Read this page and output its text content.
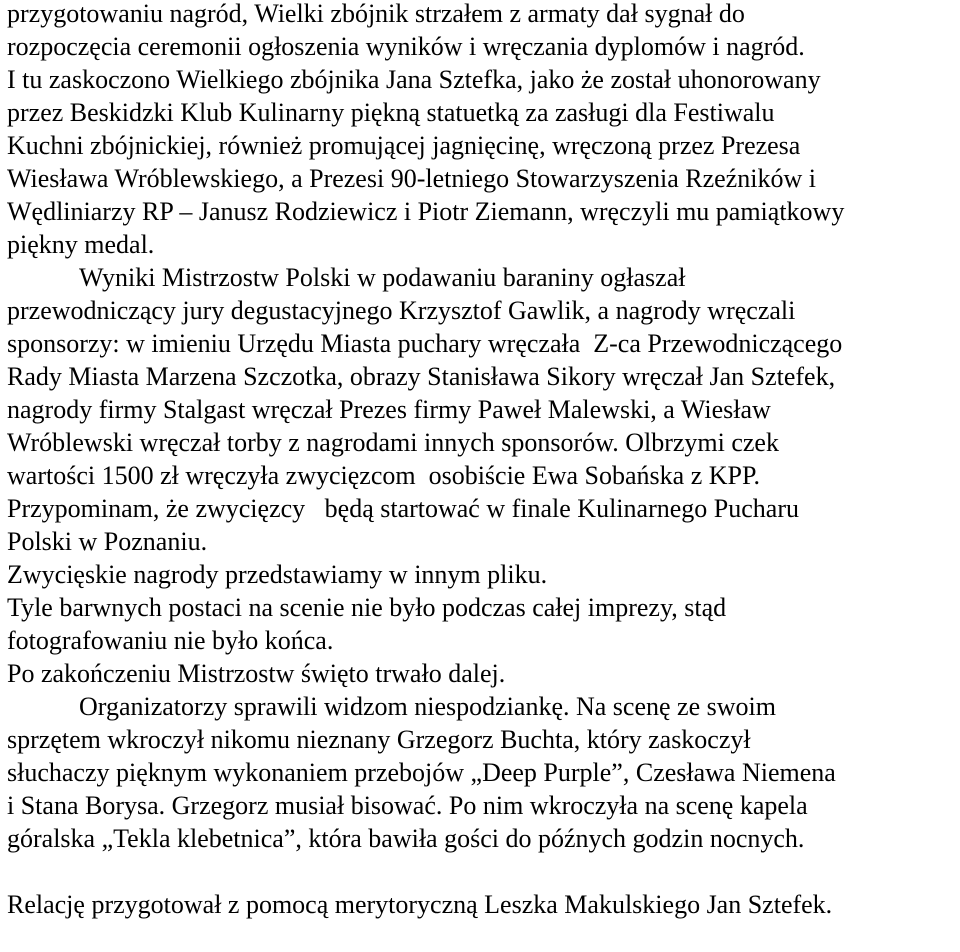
przygotowaniu nagród, Wielki zbójnik strzałem z armaty dał sygnał do
rozpoczęcia ceremonii ogłoszenia wyników i wręczania dyplomów i nagród.
I tu zaskoczono Wielkiego zbójnika Jana Sztefka, jako że został uhonorowany
przez Beskidzki Klub Kulinarny piękną statuetką za zasługi dla Festiwalu
Kuchni zbójnickiej, również promującej jagnięcinę, wręczoną przez Prezesa
Wiesława Wróblewskiego, a Prezesi 90-letniego Stowarzyszenia Rzeźników i
Wędliniarzy RP – Janusz Rodziewicz i Piotr Ziemann, wręczyli mu pamiątkowy
piękny medal.
Wyniki Mistrzostw Polski w podawaniu baraniny ogłaszał
przewodniczący jury degustacyjnego Krzysztof Gawlik, a nagrody wręczali
sponsorzy: w imieniu Urzędu Miasta puchary wręczała  Z-ca Przewodniczącego
Rady Miasta Marzena Szczotka, obrazy Stanisława Sikory wręczał Jan Sztefek,
nagrody firmy Stalgast wręczał Prezes firmy Paweł Malewski, a Wiesław
Wróblewski wręczał torby z nagrodami innych sponsorów. Olbrzymi czek
wartości 1500 zł wręczyła zwycięzcom  osobiście Ewa Sobańska z KPP.
Przypominam, że zwycięzcy   będą startować w finale Kulinarnego Pucharu
Polski w Poznaniu.
Zwycięskie nagrody przedstawiamy w innym pliku.
Tyle barwnych postaci na scenie nie było podczas całej imprezy, stąd
fotografowaniu nie było końca.
Po zakończeniu Mistrzostw święto trwało dalej.
Organizatorzy sprawili widzom niespodziankę. Na scenę ze swoim
sprzętem wkroczył nikomu nieznany Grzegorz Buchta, który zaskoczył
słuchaczy pięknym wykonaniem przebojów „Deep Purple”, Czesława Niemena
i Stana Borysa. Grzegorz musiał bisować. Po nim wkroczyła na scenę kapela
góralska „Tekla klebetnica”, która bawiła gości do późnych godzin nocnych.
Relację przygotował z pomocą merytoryczną Leszka Makulskiego Jan Sztefek.
